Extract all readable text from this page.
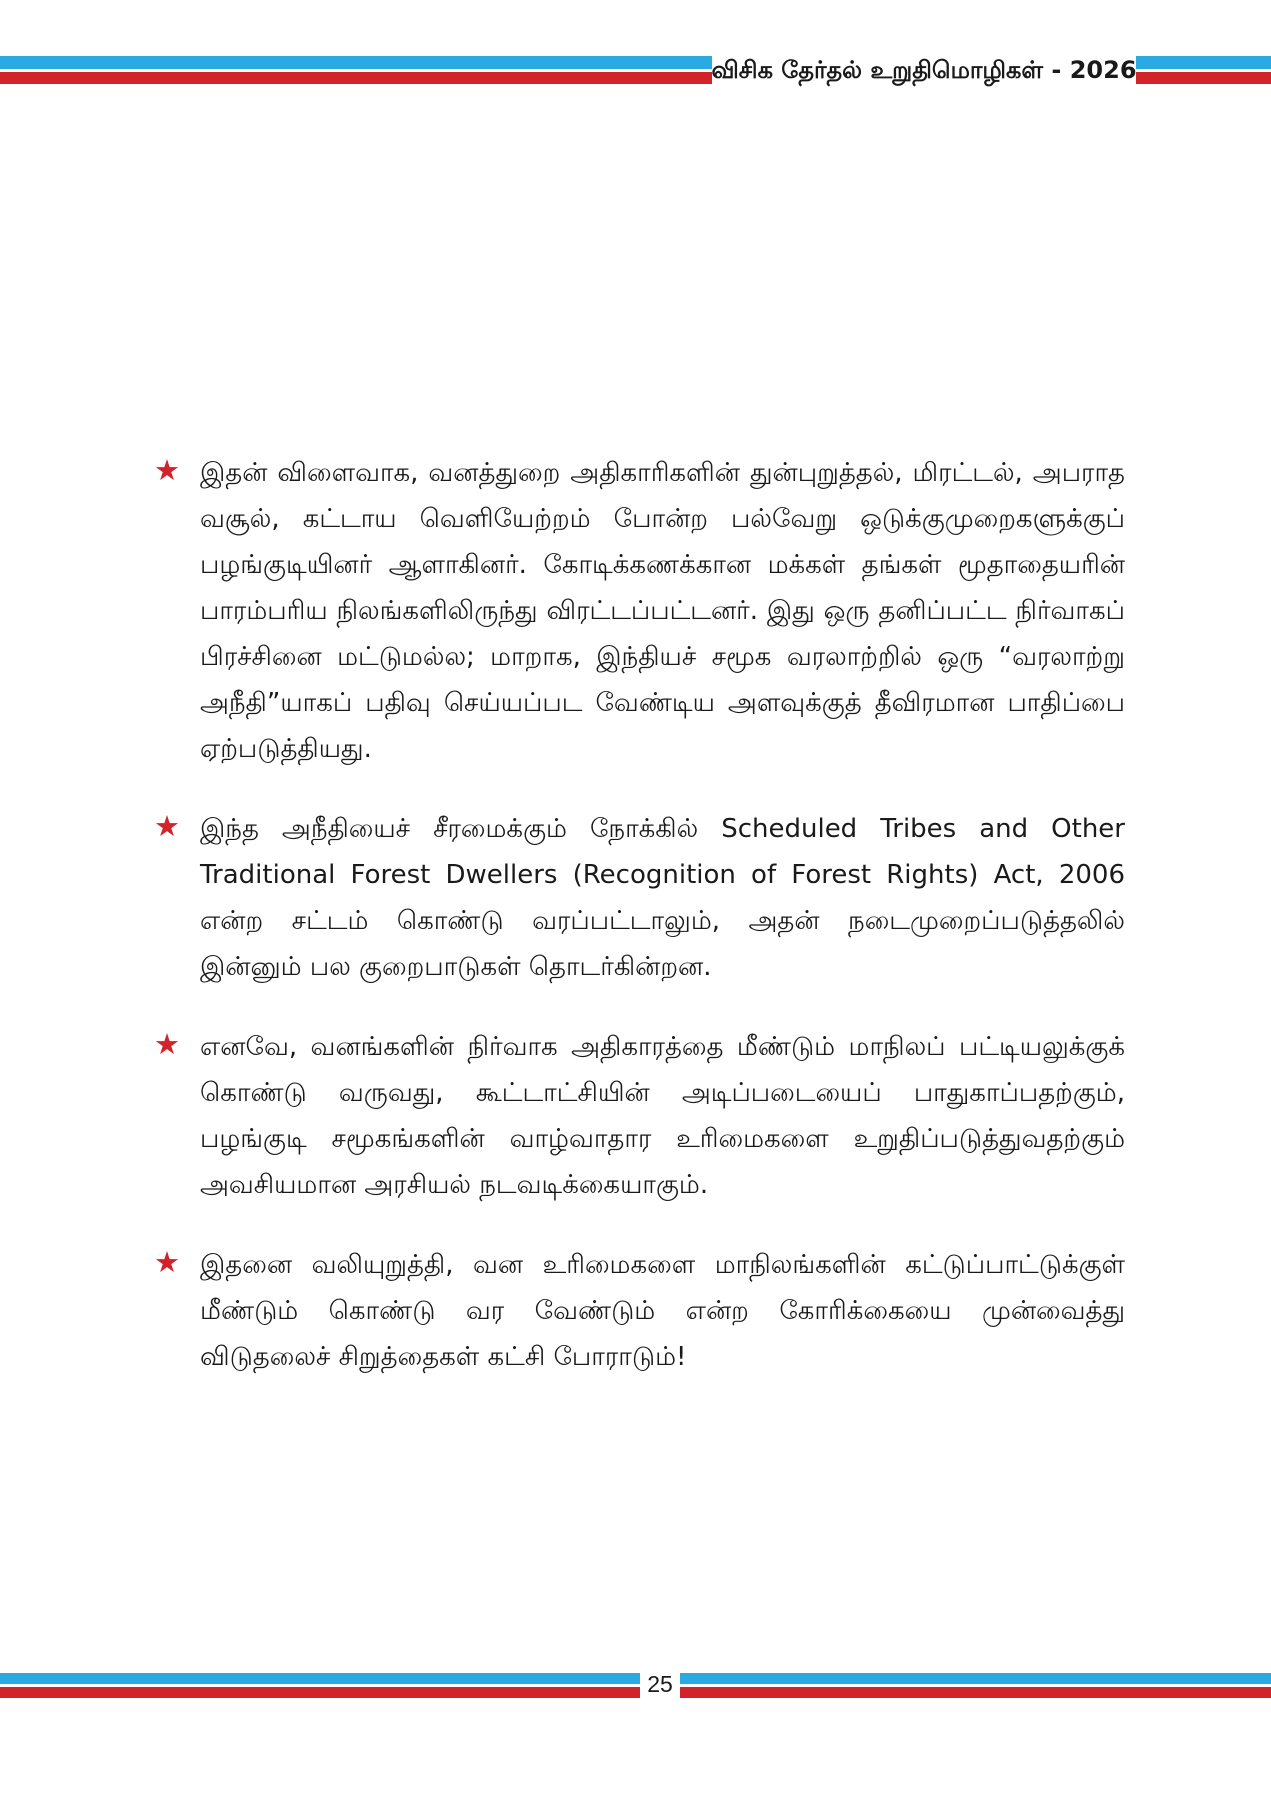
விசிக தேர்தல் உறுதிமொழிகள் - 2026
★ இதன் விளைவாக, வனத்துறை அதிகாரிகளின் துன்புறுத்தல், மிரட்டல், அபராத வசூல், கட்டாய வெளியேற்றம் போன்ற பல்வேறு ஒடுக்குமுறைகளுக்குப் பழங்குடியினர் ஆளாகினர். கோடிக்கணக்கான மக்கள் தங்கள் மூதாதையரின் பாரம்பரிய நிலங்களிலிருந்து விரட்டப்பட்டனர். இது ஒரு தனிப்பட்ட நிர்வாகப் பிரச்சினை மட்டுமல்ல; மாறாக, இந்தியச் சமூக வரலாற்றில் ஒரு “வரலாற்று அநீதி”யாகப் பதிவு செய்யப்பட வேண்டிய அளவுக்குத் தீவிரமான பாதிப்பை ஏற்படுத்தியது.

★ இந்த அநீதியைச் சீரமைக்கும் நோக்கில் Scheduled Tribes and Other Traditional Forest Dwellers (Recognition of Forest Rights) Act, 2006 என்ற சட்டம் கொண்டு வரப்பட்டாலும், அதன் நடைமுறைப்படுத்தலில் இன்னும் பல குறைபாடுகள் தொடர்கின்றன.

★ எனவே, வனங்களின் நிர்வாக அதிகாரத்தை மீண்டும் மாநிலப் பட்டியலுக்குக் கொண்டு வருவது, கூட்டாட்சியின் அடிப்படையைப் பாதுகாப்பதற்கும், பழங்குடி சமூகங்களின் வாழ்வாதார உரிமைகளை உறுதிப்படுத்துவதற்கும் அவசியமான அரசியல் நடவடிக்கையாகும்.

★ இதனை வலியுறுத்தி, வன உரிமைகளை மாநிலங்களின் கட்டுப்பாட்டுக்குள் மீண்டும் கொண்டு வர வேண்டும் என்ற கோரிக்கையை முன்வைத்து விடுதலைச் சிறுத்தைகள் கட்சி போராடும்!

25
